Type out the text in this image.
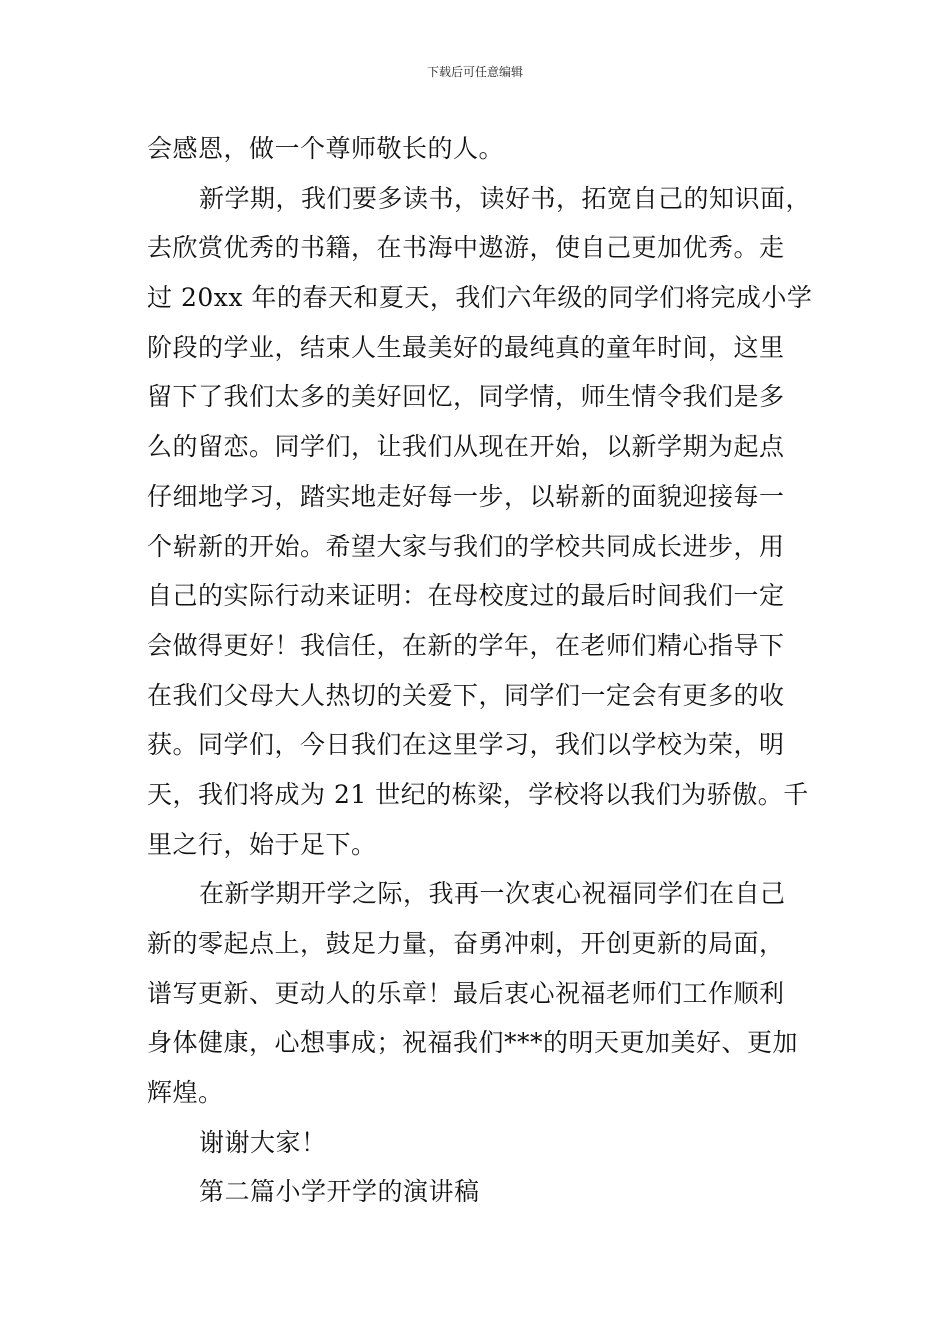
下载后可任意编辑
会感恩，做一个尊师敬长的人。
新学期，我们要多读书，读好书，拓宽自己的知识面，
去欣赏优秀的书籍，在书海中遨游，使自己更加优秀。走
过 20xx 年的春天和夏天，我们六年级的同学们将完成小学
阶段的学业，结束人生最美好的最纯真的童年时间，这里
留下了我们太多的美好回忆，同学情，师生情令我们是多
么的留恋。同学们，让我们从现在开始，以新学期为起点
仔细地学习，踏实地走好每一步，以崭新的面貌迎接每一
个崭新的开始。希望大家与我们的学校共同成长进步，用
自己的实际行动来证明：在母校度过的最后时间我们一定
会做得更好！我信任，在新的学年，在老师们精心指导下
在我们父母大人热切的关爱下，同学们一定会有更多的收
获。同学们，今日我们在这里学习，我们以学校为荣，明
天，我们将成为 21 世纪的栋梁，学校将以我们为骄傲。千
里之行，始于足下。
在新学期开学之际，我再一次衷心祝福同学们在自己
新的零起点上，鼓足力量，奋勇冲刺，开创更新的局面，
谱写更新、更动人的乐章！最后衷心祝福老师们工作顺利
身体健康，心想事成；祝福我们***的明天更加美好、更加
辉煌。
谢谢大家！
第二篇小学开学的演讲稿
